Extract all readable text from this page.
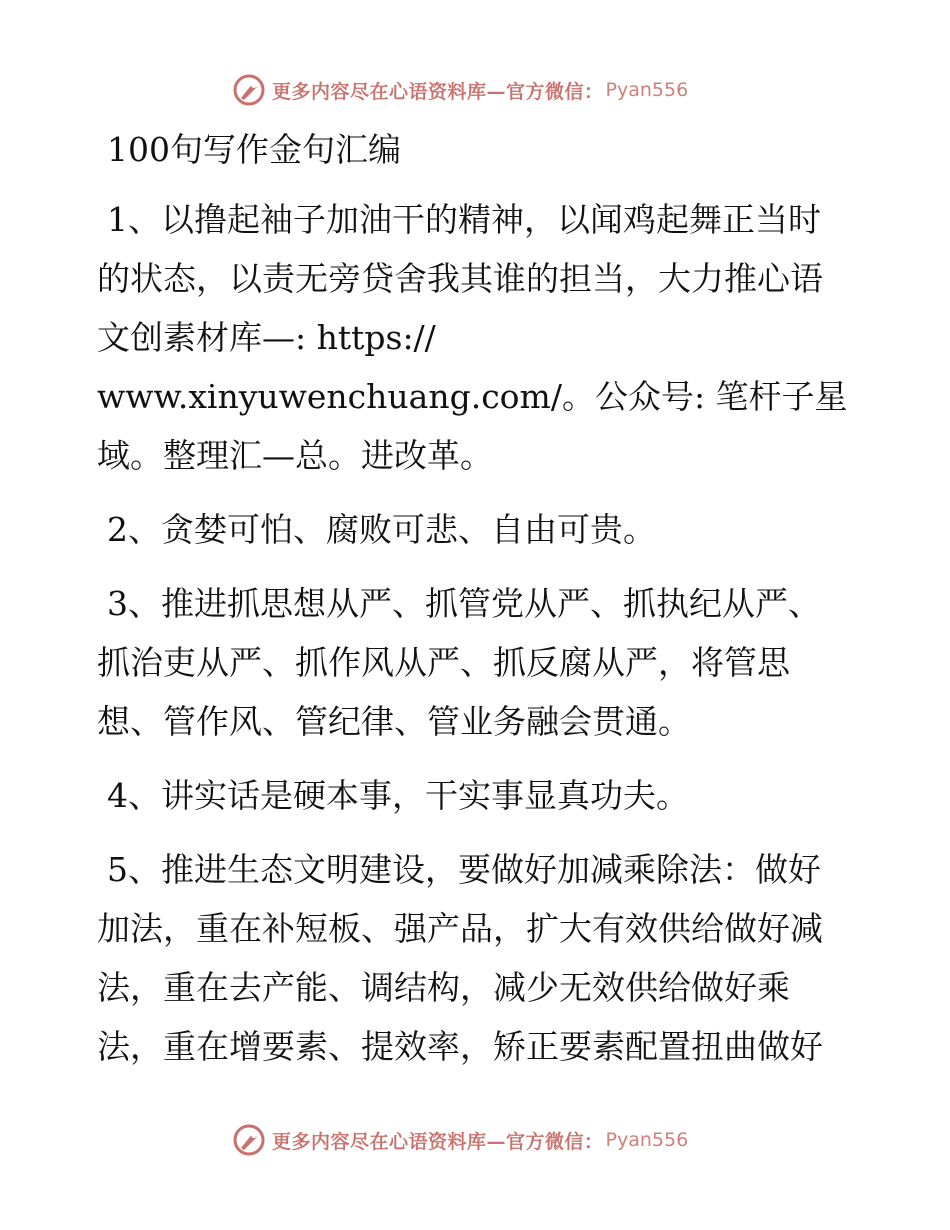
更多内容尽在心语资料库—官方微信： Pyan556
100句写作金句汇编
1、以撸起袖子加油干的精神，以闻鸡起舞正当时
的状态，以责无旁贷舍我其谁的担当，大力推心语
文创素材库—: https://
www.xinyuwenchuang.com/。公众号: 笔杆子星
域。整理汇—总。进改革。
2、贪婪可怕、腐败可悲、自由可贵。
3、推进抓思想从严、抓管党从严、抓执纪从严、
抓治吏从严、抓作风从严、抓反腐从严，将管思
想、管作风、管纪律、管业务融会贯通。
4、讲实话是硬本事，干实事显真功夫。
5、推进生态文明建设，要做好加减乘除法：做好
加法，重在补短板、强产品，扩大有效供给做好减
法，重在去产能、调结构，减少无效供给做好乘
法，重在增要素、提效率，矫正要素配置扭曲做好
更多内容尽在心语资料库—官方微信： Pyan556
